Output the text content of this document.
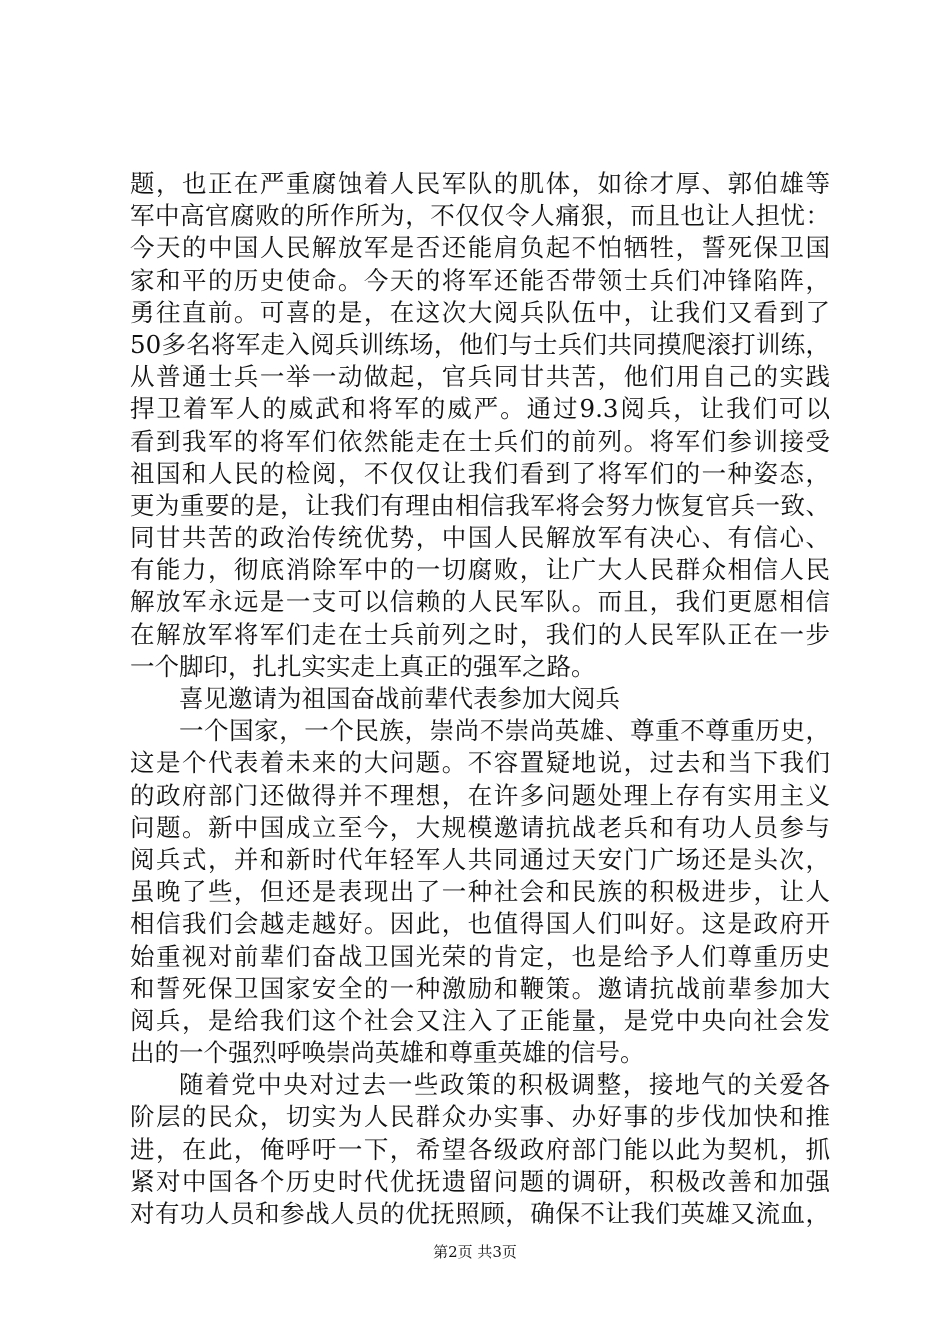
题，也正在严重腐蚀着人民军队的肌体，如徐才厚、郭伯雄等
军中高官腐败的所作所为，不仅仅令人痛狠，而且也让人担忧：
今天的中国人民解放军是否还能肩负起不怕牺牲，誓死保卫国
家和平的历史使命。今天的将军还能否带领士兵们冲锋陷阵，
勇往直前。可喜的是，在这次大阅兵队伍中，让我们又看到了
50多名将军走入阅兵训练场，他们与士兵们共同摸爬滚打训练，
从普通士兵一举一动做起，官兵同甘共苦，他们用自己的实践
捍卫着军人的威武和将军的威严。通过9.3阅兵，让我们可以
看到我军的将军们依然能走在士兵们的前列。将军们参训接受
祖国和人民的检阅，不仅仅让我们看到了将军们的一种姿态，
更为重要的是，让我们有理由相信我军将会努力恢复官兵一致、
同甘共苦的政治传统优势，中国人民解放军有决心、有信心、
有能力，彻底消除军中的一切腐败，让广大人民群众相信人民
解放军永远是一支可以信赖的人民军队。而且，我们更愿相信
在解放军将军们走在士兵前列之时，我们的人民军队正在一步
一个脚印，扎扎实实走上真正的强军之路。
喜见邀请为祖国奋战前辈代表参加大阅兵
一个国家，一个民族，崇尚不崇尚英雄、尊重不尊重历史，
这是个代表着未来的大问题。不容置疑地说，过去和当下我们
的政府部门还做得并不理想，在许多问题处理上存有实用主义
问题。新中国成立至今，大规模邀请抗战老兵和有功人员参与
阅兵式，并和新时代年轻军人共同通过天安门广场还是头次，
虽晚了些，但还是表现出了一种社会和民族的积极进步，让人
相信我们会越走越好。因此，也值得国人们叫好。这是政府开
始重视对前辈们奋战卫国光荣的肯定，也是给予人们尊重历史
和誓死保卫国家安全的一种激励和鞭策。邀请抗战前辈参加大
阅兵，是给我们这个社会又注入了正能量，是党中央向社会发
出的一个强烈呼唤崇尚英雄和尊重英雄的信号。
随着党中央对过去一些政策的积极调整，接地气的关爱各
阶层的民众，切实为人民群众办实事、办好事的步伐加快和推
进，在此，俺呼吁一下，希望各级政府部门能以此为契机，抓
紧对中国各个历史时代优抚遗留问题的调研，积极改善和加强
对有功人员和参战人员的优抚照顾，确保不让我们英雄又流血，
第2页 共3页
